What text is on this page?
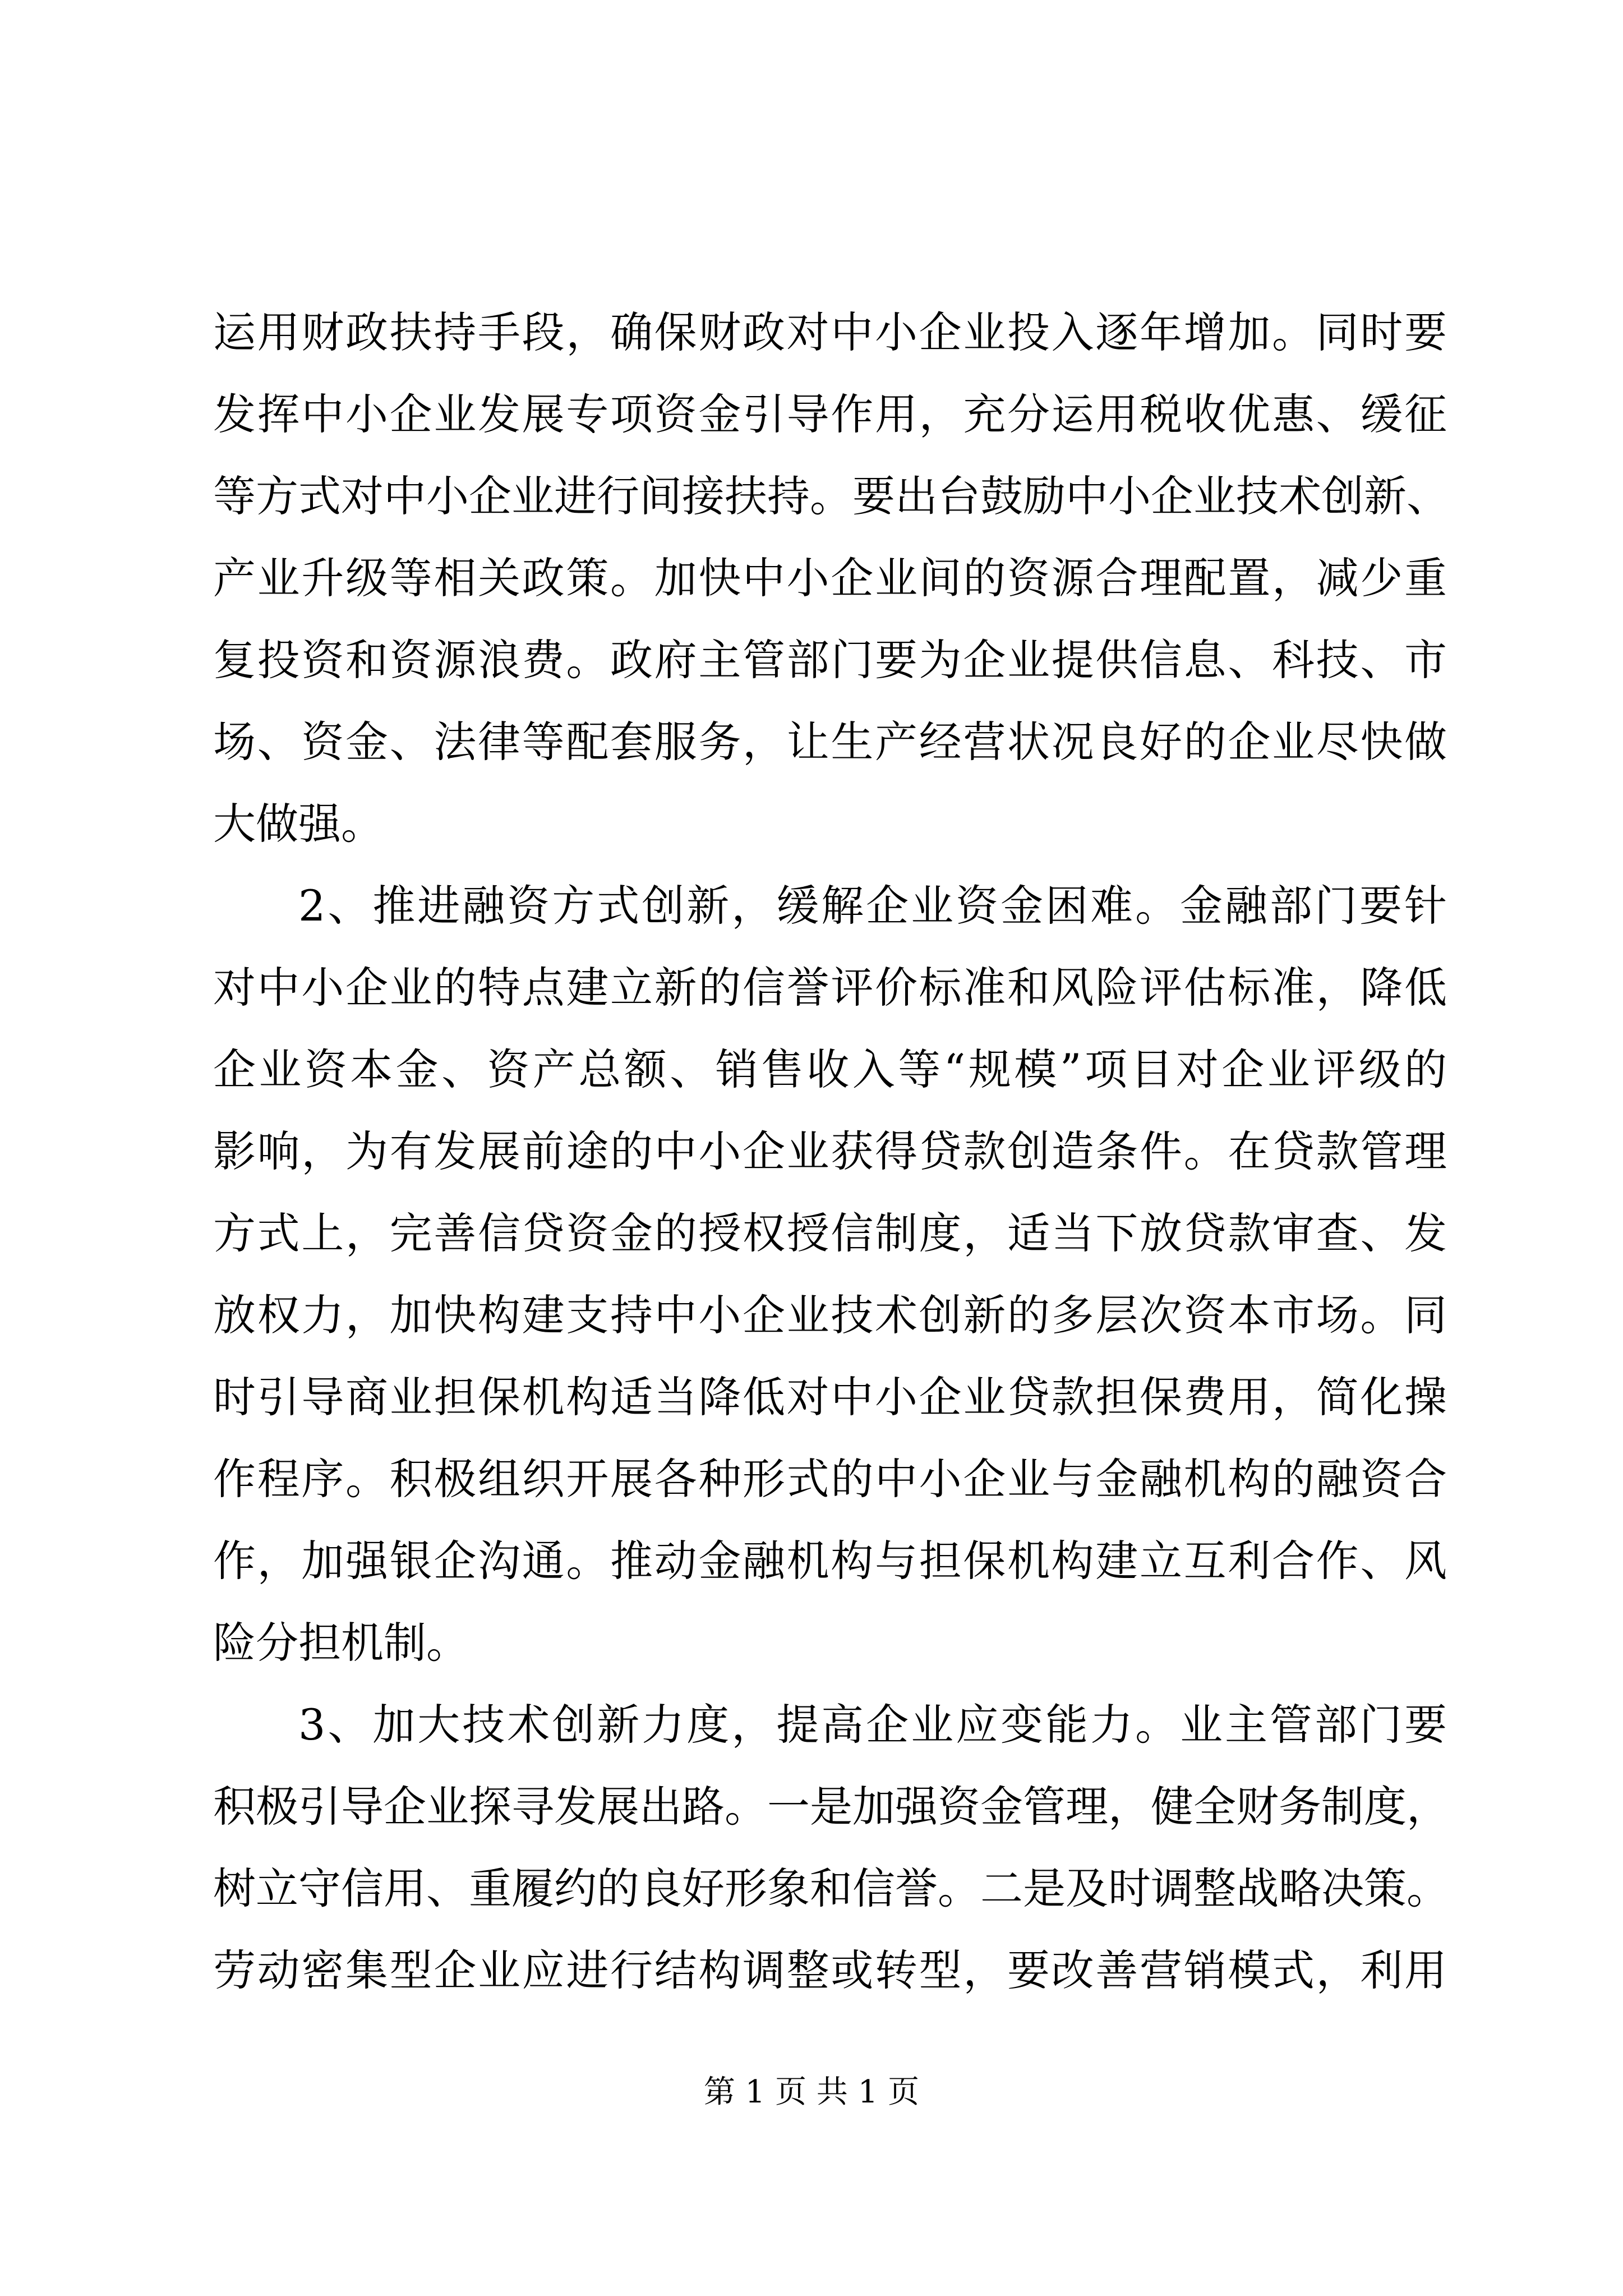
运用财政扶持手段，确保财政对中小企业投入逐年增加。同时要
发挥中小企业发展专项资金引导作用，充分运用税收优惠、缓征
等方式对中小企业进行间接扶持。要出台鼓励中小企业技术创新、
产业升级等相关政策。加快中小企业间的资源合理配置，减少重
复投资和资源浪费。政府主管部门要为企业提供信息、科技、市
场、资金、法律等配套服务，让生产经营状况良好的企业尽快做
大做强。
2、推进融资方式创新，缓解企业资金困难。金融部门要针
对中小企业的特点建立新的信誉评价标准和风险评估标准，降低
企业资本金、资产总额、销售收入等“规模”项目对企业评级的
影响，为有发展前途的中小企业获得贷款创造条件。在贷款管理
方式上，完善信贷资金的授权授信制度，适当下放贷款审查、发
放权力，加快构建支持中小企业技术创新的多层次资本市场。同
时引导商业担保机构适当降低对中小企业贷款担保费用，简化操
作程序。积极组织开展各种形式的中小企业与金融机构的融资合
作，加强银企沟通。推动金融机构与担保机构建立互利合作、风
险分担机制。
3、加大技术创新力度，提高企业应变能力。业主管部门要
积极引导企业探寻发展出路。一是加强资金管理，健全财务制度，
树立守信用、重履约的良好形象和信誉。二是及时调整战略决策。
劳动密集型企业应进行结构调整或转型，要改善营销模式，利用
第 1 页 共 1 页
